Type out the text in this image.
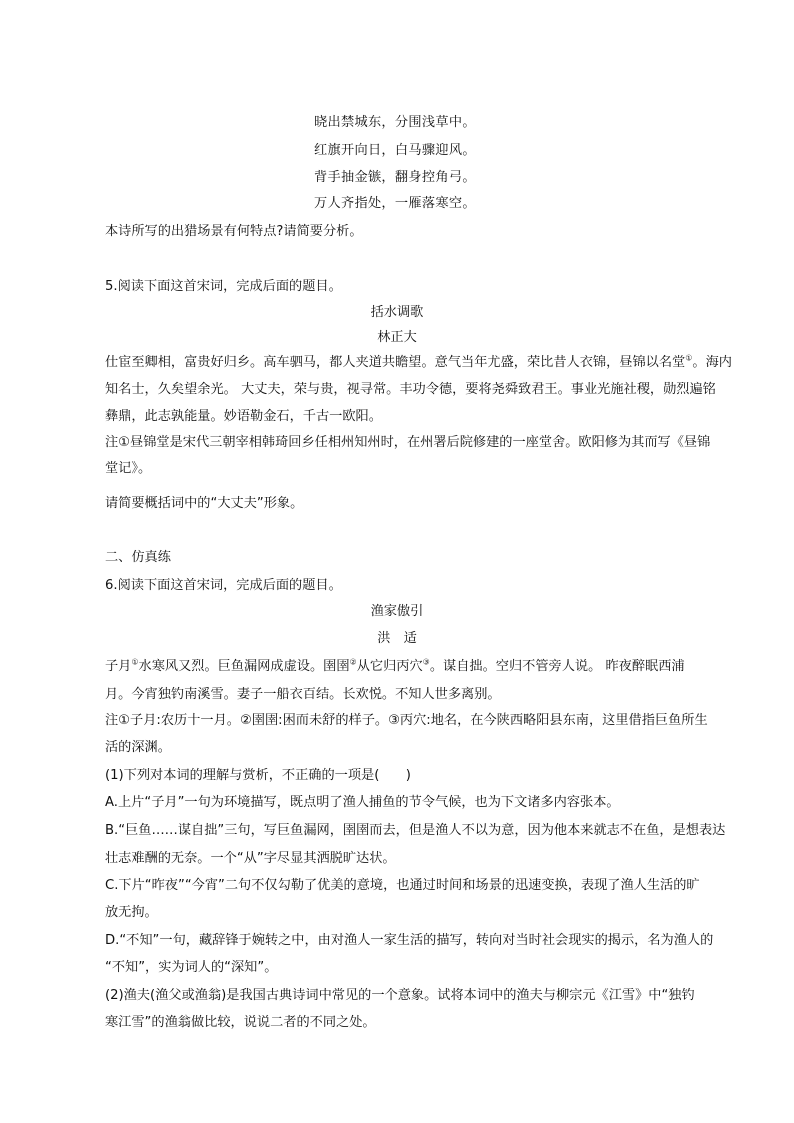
晓出禁城东，分围浅草中。
红旗开向日，白马骤迎风。
背手抽金镞，翻身控角弓。
万人齐指处，一雁落寒空。
本诗所写的出猎场景有何特点?请简要分析。
5.阅读下面这首宋词，完成后面的题目。
括水调歌
林正大
仕宦至卿相，富贵好归乡。高车驷马，都人夹道共瞻望。意气当年尤盛，荣比昔人衣锦，昼锦以名堂①。海内
知名士，久矣望余光。 大丈夫，荣与贵，视寻常。丰功令德，要将尧舜致君王。事业光施社稷，勋烈遍铭
彝鼎，此志孰能量。妙语勒金石，千古一欧阳。
注①昼锦堂是宋代三朝宰相韩琦回乡任相州知州时，在州署后院修建的一座堂舍。欧阳修为其而写《昼锦
堂记》。
请简要概括词中的“大丈夫”形象。
二、仿真练
6.阅读下面这首宋词，完成后面的题目。
渔家傲引
洪　适
子月①水寒风又烈。巨鱼漏网成虚设。圉圉②从它归丙穴③。谋自拙。空归不管旁人说。 昨夜醉眠西浦
月。今宵独钓南溪雪。妻子一船衣百结。长欢悦。不知人世多离别。
注①子月:农历十一月。②圉圉:困而未舒的样子。③丙穴:地名，在今陕西略阳县东南，这里借指巨鱼所生
活的深渊。
(1)下列对本词的理解与赏析，不正确的一项是(　　)
A.上片“子月”一句为环境描写，既点明了渔人捕鱼的节令气候，也为下文诸多内容张本。
B.“巨鱼……谋自拙”三句，写巨鱼漏网，圉圉而去，但是渔人不以为意，因为他本来就志不在鱼，是想表达
壮志难酬的无奈。一个“从”字尽显其洒脱旷达状。
C.下片“昨夜”“今宵”二句不仅勾勒了优美的意境，也通过时间和场景的迅速变换，表现了渔人生活的旷
放无拘。
D.“不知”一句，藏辞锋于婉转之中，由对渔人一家生活的描写，转向对当时社会现实的揭示，名为渔人的
“不知”，实为词人的“深知”。
(2)渔夫(渔父或渔翁)是我国古典诗词中常见的一个意象。试将本词中的渔夫与柳宗元《江雪》中“独钓
寒江雪”的渔翁做比较，说说二者的不同之处。
